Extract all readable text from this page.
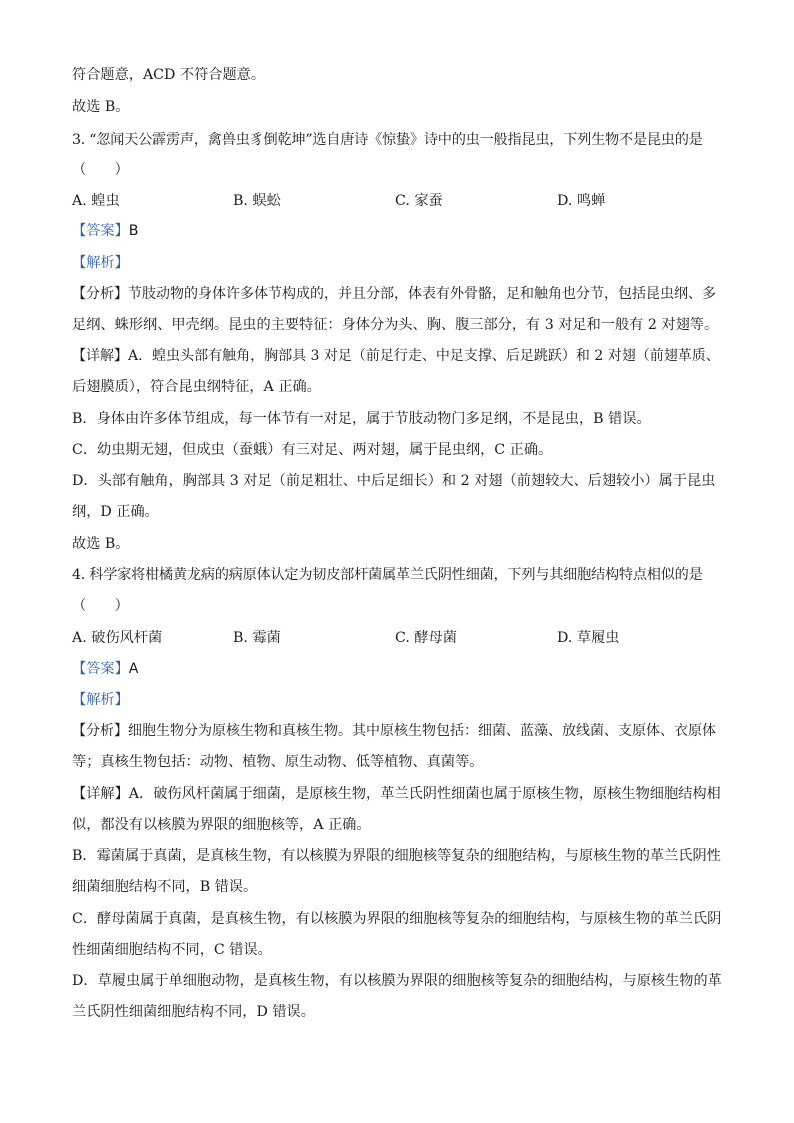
符合题意，ACD 不符合题意。
故选 B。
3. “忽闻天公霹雳声，禽兽虫豸倒乾坤”选自唐诗《惊蛰》诗中的虫一般指昆虫，下列生物不是昆虫的是
（　　）
A. 蝗虫	B. 蜈蚣	C. 家蚕	D. 鸣蝉
【答案】B
【解析】
【分析】节肢动物的身体许多体节构成的，并且分部，体表有外骨骼，足和触角也分节，包括昆虫纲、多
足纲、蛛形纲、甲壳纲。昆虫的主要特征：身体分为头、胸、腹三部分，有 3 对足和一般有 2 对翅等。
【详解】A．蝗虫头部有触角，胸部具 3 对足（前足行走、中足支撑、后足跳跃）和 2 对翅（前翅革质、
后翅膜质），符合昆虫纲特征，A 正确。
B．身体由许多体节组成，每一体节有一对足，属于节肢动物门多足纲，不是昆虫，B 错误。
C．幼虫期无翅，但成虫（蚕蛾）有三对足、两对翅，属于昆虫纲，C 正确。
D．头部有触角，胸部具 3 对足（前足粗壮、中后足细长）和 2 对翅（前翅较大、后翅较小）属于昆虫
纲，D 正确。
故选 B。
4. 科学家将柑橘黄龙病的病原体认定为韧皮部杆菌属革兰氏阴性细菌，下列与其细胞结构特点相似的是
（　　）
A. 破伤风杆菌	B. 霉菌	C. 酵母菌	D. 草履虫
【答案】A
【解析】
【分析】细胞生物分为原核生物和真核生物。其中原核生物包括：细菌、蓝藻、放线菌、支原体、衣原体
等；真核生物包括：动物、植物、原生动物、低等植物、真菌等。
【详解】A．破伤风杆菌属于细菌，是原核生物，革兰氏阴性细菌也属于原核生物，原核生物细胞结构相
似，都没有以核膜为界限的细胞核等，A 正确。
B．霉菌属于真菌，是真核生物，有以核膜为界限的细胞核等复杂的细胞结构，与原核生物的革兰氏阴性
细菌细胞结构不同，B 错误。
C．酵母菌属于真菌，是真核生物，有以核膜为界限的细胞核等复杂的细胞结构，与原核生物的革兰氏阴
性细菌细胞结构不同，C 错误。
D．草履虫属于单细胞动物，是真核生物，有以核膜为界限的细胞核等复杂的细胞结构，与原核生物的革
兰氏阴性细菌细胞结构不同，D 错误。
